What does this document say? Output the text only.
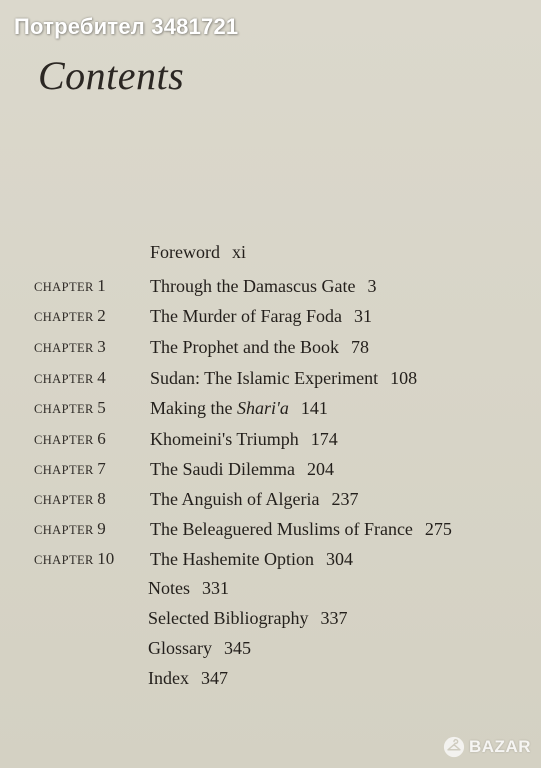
Потребител 3481721
Contents
Foreword xi
CHAPTER 1 Through the Damascus Gate 3
CHAPTER 2 The Murder of Farag Foda 31
CHAPTER 3 The Prophet and the Book 78
CHAPTER 4 Sudan: The Islamic Experiment 108
CHAPTER 5 Making the Shari'a 141
CHAPTER 6 Khomeini's Triumph 174
CHAPTER 7 The Saudi Dilemma 204
CHAPTER 8 The Anguish of Algeria 237
CHAPTER 9 The Beleaguered Muslims of France 275
CHAPTER 10 The Hashemite Option 304
Notes 331
Selected Bibliography 337
Glossary 345
Index 347
BAZAR
